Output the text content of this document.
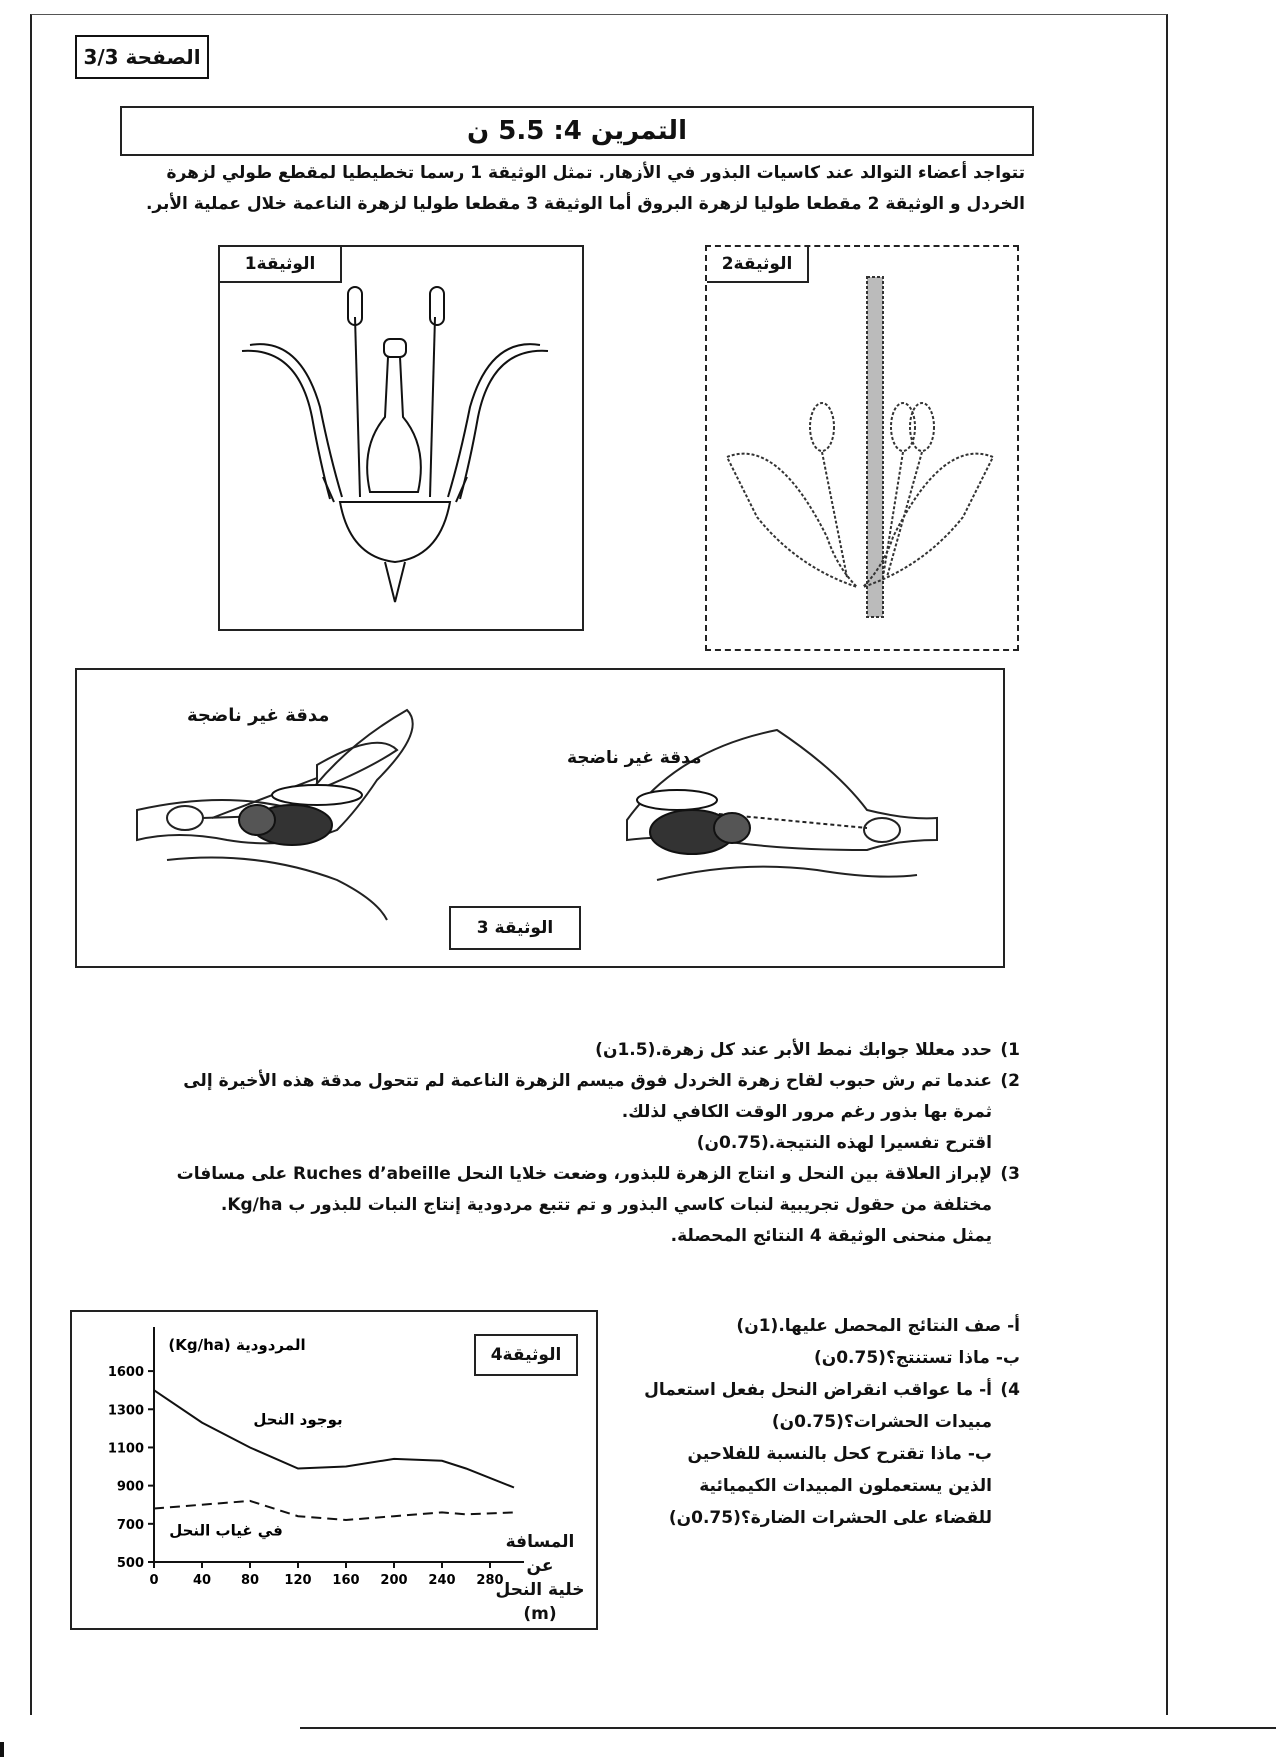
الصفحة 3/3
التمرين 4: 5.5 ن
تتواجد أعضاء التوالد عند كاسيات البذور في الأزهار. تمثل الوثيقة 1 رسما تخطيطيا لمقطع طولي لزهرة
الخردل و الوثيقة 2 مقطعا طوليا لزهرة البروق أما الوثيقة 3 مقطعا طوليا لزهرة الناعمة خلال عملية الأبر.
الوثيقة1	الوثيقة2
مدقة غير ناضجة
مدقة غير ناضجة
الوثيقة 3
1)
حدد معللا جوابك نمط الأبر عند كل زهرة.(1.5ن)
2)
عندما تم رش حبوب لقاح زهرة الخردل فوق ميسم الزهرة الناعمة لم تتحول مدقة هذه الأخيرة إلى
ثمرة بها بذور رغم مرور الوقت الكافي لذلك.
اقترح تفسيرا لهذه النتيجة.(0.75ن)
3)
لإبراز العلاقة بين النحل و انتاج الزهرة للبذور، وضعت خلايا النحل Ruches d’abeille على مسافات
مختلفة من حقول تجريبية لنبات كاسي البذور و تم تتبع مردودية إنتاج النبات للبذور ب Kg/ha.
يمثل منحنى الوثيقة 4 النتائج المحصلة.
أ- صف النتائج المحصل عليها.(1ن)
ب- ماذا تستنتج؟(0.75ن)
4)
أ- ما عواقب انقراض النحل بفعل استعمال
مبيدات الحشرات؟(0.75ن)
ب- ماذا تقترح كحل بالنسبة للفلاحين
الذين يستعملون المبيدات الكيميائية
للقضاء على الحشرات الضارة؟(0.75ن)
الوثيقة4
500
700
900
1100
1300
1600
0	40 80 120 160 200 240 280
المردودية (Kg/ha)
بوجود النحل
في غياب النحل
المسافة عن
خلية النحل
(m)
